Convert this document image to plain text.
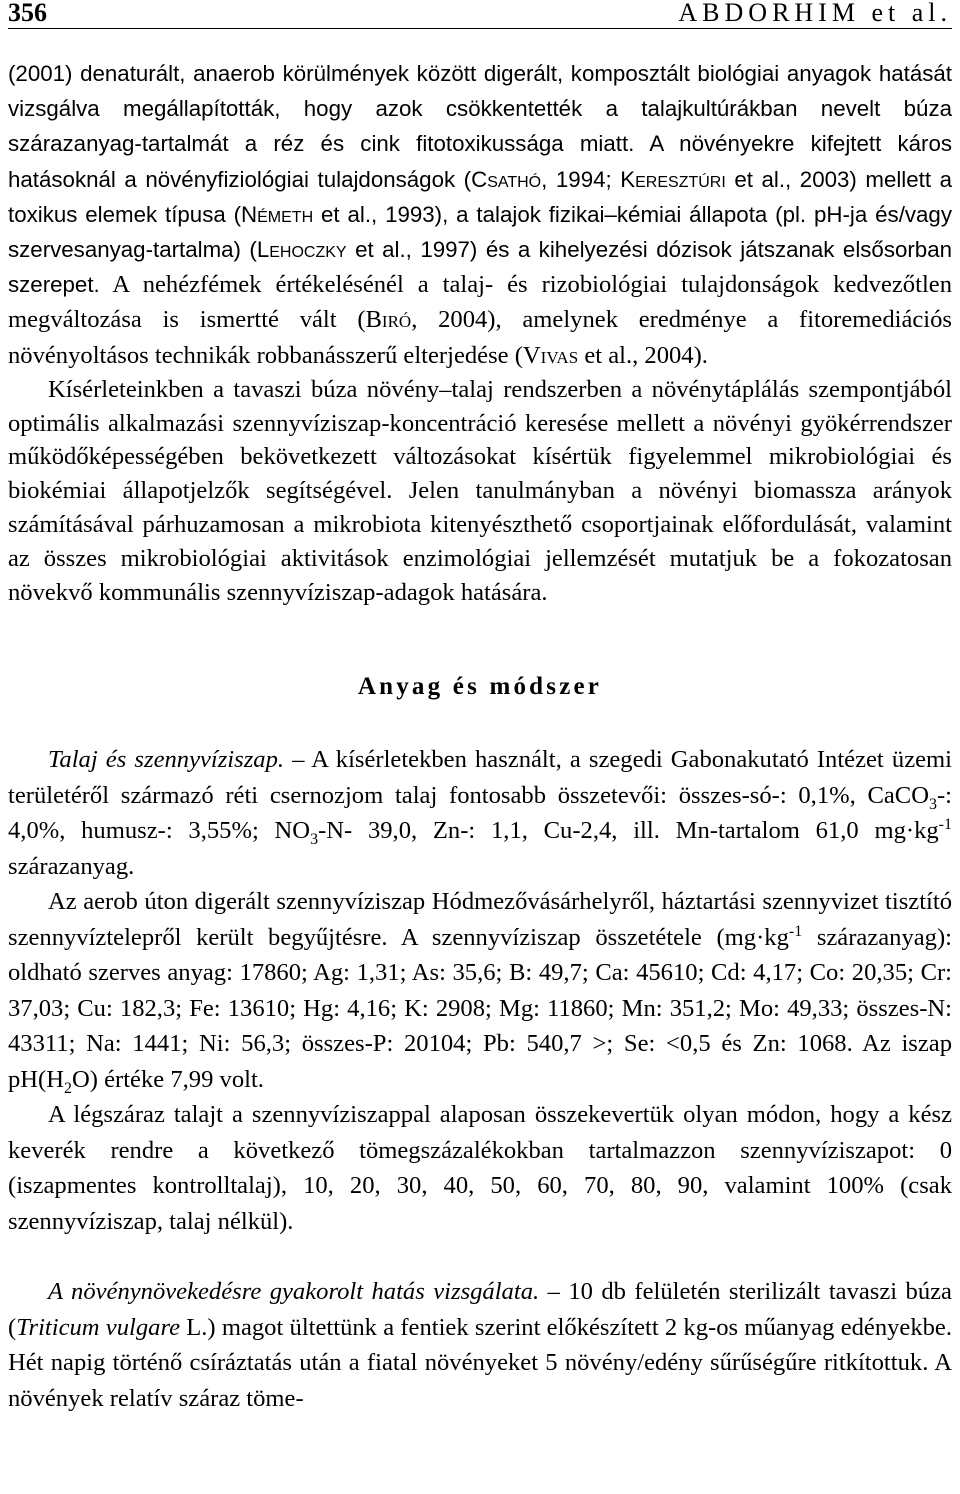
356	ABDORHIM et al.

(2001) denaturált, anaerob körülmények között digerált, komposztált biológiai anyagok hatását vizsgálva megállapították, hogy azok csökkentették a talajkultúrákban nevelt búza szárazanyag-tartalmát a réz és cink fitotoxikussága miatt. A növényekre kifejtett káros hatásoknál a növényfiziológiai tulajdonságok (Csathó, 1994; Keresztúri et al., 2003) mellett a toxikus elemek típusa (Németh et al., 1993), a talajok fizikai–kémiai állapota (pl. pH-ja és/vagy szervesanyag-tartalma) (Lehoczky et al., 1997) és a kihelyezési dózisok játszanak elsősorban szerepet. A nehézfémek értékelésénél a talaj- és rizobiológiai tulajdonságok kedvezőtlen megváltozása is ismertté vált (Biró, 2004), amelynek eredménye a fitoremediációs növényoltásos technikák robbanásszerű elterjedése (Vivas et al., 2004).

Kísérleteinkben a tavaszi búza növény–talaj rendszerben a növénytáplálás szempontjából optimális alkalmazási szennyvíziszap-koncentráció keresése mellett a növényi gyökérrendszer működőképességében bekövetkezett változásokat kísértük figyelemmel mikrobiológiai és biokémiai állapotjelzők segítségével. Jelen tanulmányban a növényi biomassza arányok számításával párhuzamosan a mikrobiota kitenyészthető csoportjainak előfordulását, valamint az összes mikrobiológiai aktivitások enzimológiai jellemzését mutatjuk be a fokozatosan növekvő kommunális szennyvíziszap-adagok hatására.

Anyag és módszer

Talaj és szennyvíziszap. – A kísérletekben használt, a szegedi Gabonakutató Intézet üzemi területéről származó réti csernozjom talaj fontosabb összetevői: összes-só-: 0,1%, CaCO$_3$-: 4,0%, humusz-: 3,55%; $NO_3-N-$ 39,0, Zn-: 1,1, Cu-2,4, ill. Mn-tartalom 61,0 $mg\cdot kg^{-1}$ szárazanyag.

Az aerob úton digerált szennyvíziszap Hódmezővásárhelyről, háztartási szennyvizet tisztító szennyvíztelepről került begyűjtésre. A szennyvíziszap összetétele ($mg\cdot kg^{-1}$ szárazanyag): oldható szerves anyag: 17860; Ag: 1,31; As: 35,6; B: 49,7; Ca: 45610; Cd: 4,17; Co: 20,35; Cr: 37,03; Cu: 182,3; Fe: 13610; Hg: 4,16; K: 2908; Mg: 11860; Mn: 351,2; Mo: 49,33; összes-N: 43311; Na: 1441; Ni: 56,3; összes-P: 20104; Pb: 540,7 >; Se: <0,5 és Zn: 1068. Az iszap $pH(H_2O)$ értéke 7,99 volt.

A légszáraz talajt a szennyvíziszappal alaposan összekevertük olyan módon, hogy a kész keverék rendre a következő tömegszázalékokban tartalmazzon szennyvíziszapot: 0 (iszapmentes kontrolltalaj), 10, 20, 30, 40, 50, 60, 70, 80, 90, valamint 100% (csak szennyvíziszap, talaj nélkül).

A növénynövekedésre gyakorolt hatás vizsgálata. – 10 db felületén sterilizált tavaszi búza (Triticum vulgare L.) magot ültettünk a fentiek szerint előkészített 2 kg-os műanyag edényekbe. Hét napig történő csíráztatás után a fiatal növényeket 5 növény/edény sűrűségűre ritkítottuk. A növények relatív száraz töme-
